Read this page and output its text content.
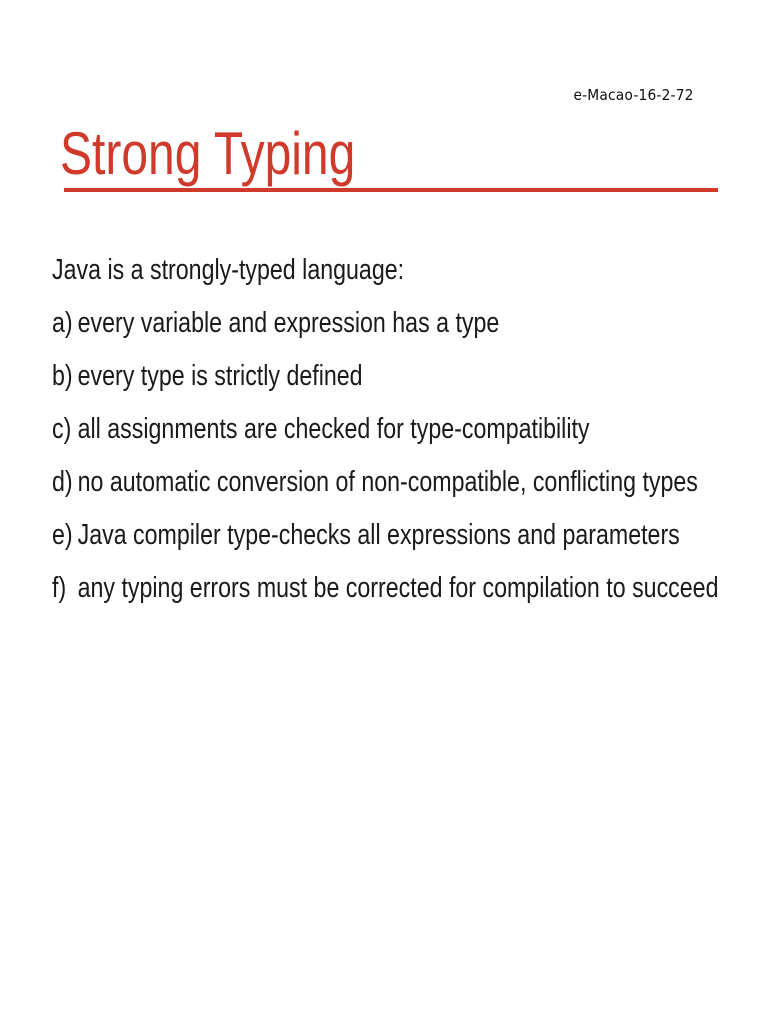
e-Macao-16-2-72
Strong Typing
Java is a strongly-typed language:
a) every variable and expression has a type
b) every type is strictly defined
c) all assignments are checked for type-compatibility
d) no automatic conversion of non-compatible, conflicting types
e) Java compiler type-checks all expressions and parameters
f) any typing errors must be corrected for compilation to succeed
